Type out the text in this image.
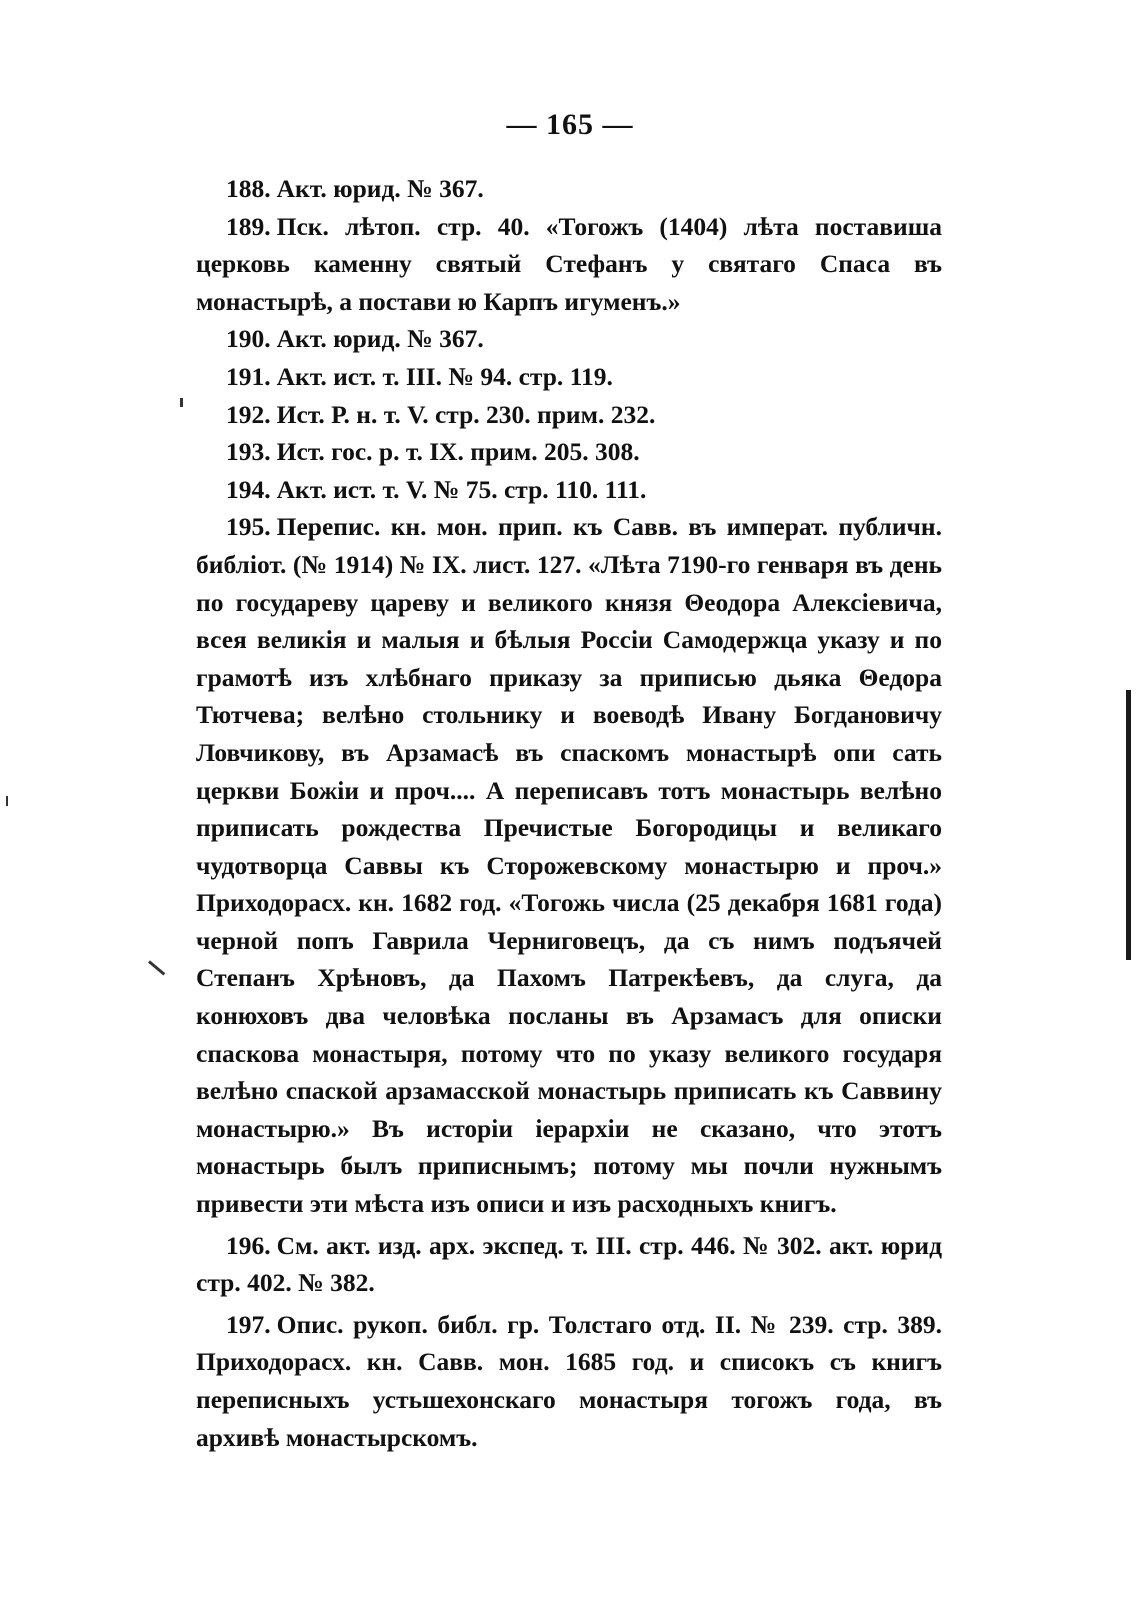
— 165 —

188. Акт. юрид. № 367.

189. Пск. лѣтоп. стр. 40. «Тогожъ (1404) лѣта поставиша церковь каменну святый Стефанъ у святаго Спаса въ монастырѣ, а постави ю Карпъ игуменъ.»

190. Акт. юрид. № 367.

191. Акт. ист. т. III. № 94. стр. 119.

192. Ист. Р. н. т. V. стр. 230. прим. 232.

193. Ист. гос. р. т. IX. прим. 205. 308.

194. Акт. ист. т. V. № 75. стр. 110. 111.

195. Перепис. кн. мон. прип. къ Савв. въ императ. публичн. библіот. (№ 1914) № IX. лист. 127. «Лѣта 7190-го генваря въ день по государеву цареву и великого князя Θеодора Алексіевича, всея великія и малыя и бѣлыя Россіи Самодержца указу и по грамотѣ изъ хлѣбнаго приказу за приписью дьяка Θедора Тютчева; велѣно стольнику и воеводѣ Ивану Богдановичу Ловчикову, въ Арзамасѣ въ спаскомъ монастырѣ опи сать церкви Божіи и проч.... А переписавъ тотъ монастырь велѣно приписать рождества Пречистые Богородицы и великаго чудотворца Саввы къ Сторожевскому монастырю и проч.» Приходорасх. кн. 1682 год. «Тогожь числа (25 декабря 1681 года) черной попъ Гаврила Черниговецъ, да съ нимъ подъячей Степанъ Хрѣновъ, да Пахомъ Патрекѣевъ, да слуга, да конюховъ два человѣка посланы въ Арзамасъ для описки спаскова монастыря, потому что по указу великого государя велѣно спаской арзамасской монастырь приписать къ Саввину монастырю.» Въ исторіи іерархіи не сказано, что этотъ монастырь былъ приписнымъ; потому мы почли нужнымъ привести эти мѣста изъ описи и изъ расходныхъ книгъ.

196. См. акт. изд. арх. экспед. т. III. стр. 446. № 302. акт. юрид стр. 402. № 382.

197. Опис. рукоп. библ. гр. Толстаго отд. II. № 239. стр. 389. Приходорасх. кн. Савв. мон. 1685 год. и списокъ съ книгъ переписныхъ устьшехонскаго монастыря тогожъ года, въ архивѣ монастырскомъ.
